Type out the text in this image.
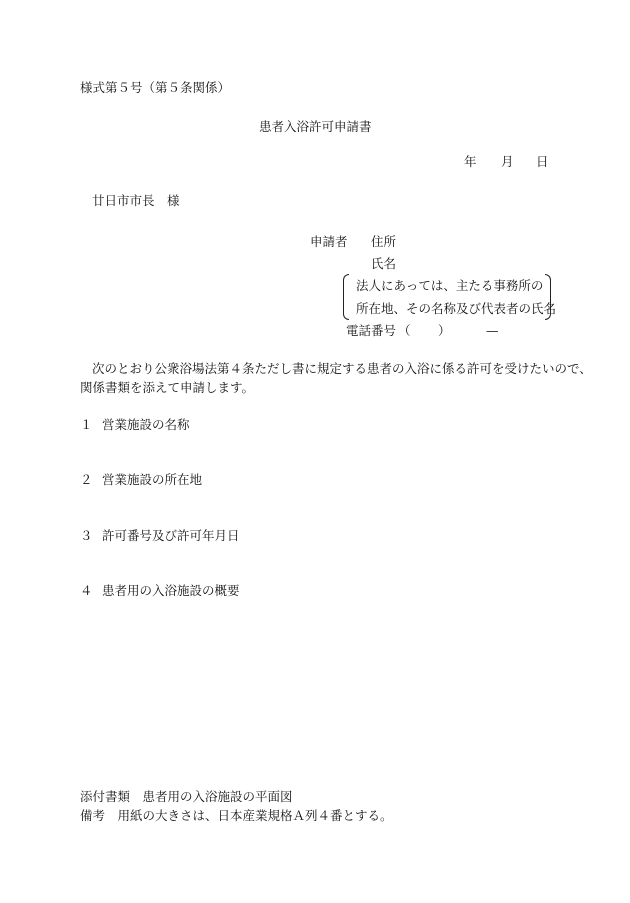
様式第５号（第５条関係）
患者入浴許可申請書
年 月 日
廿日市市長　様
申請者 住所
氏名
法人にあっては、主たる事務所の
所在地、その名称及び代表者の氏名
電話番号 （ ）	—
次のとおり公衆浴場法第４条ただし書に規定する患者の入浴に係る許可を受けたいので、
関係書類を添えて申請します。
１ 営業施設の名称
２ 営業施設の所在地
３ 許可番号及び許可年月日
４ 患者用の入浴施設の概要
添付書類　患者用の入浴施設の平面図
備考　用紙の大きさは、日本産業規格Ａ列４番とする。
